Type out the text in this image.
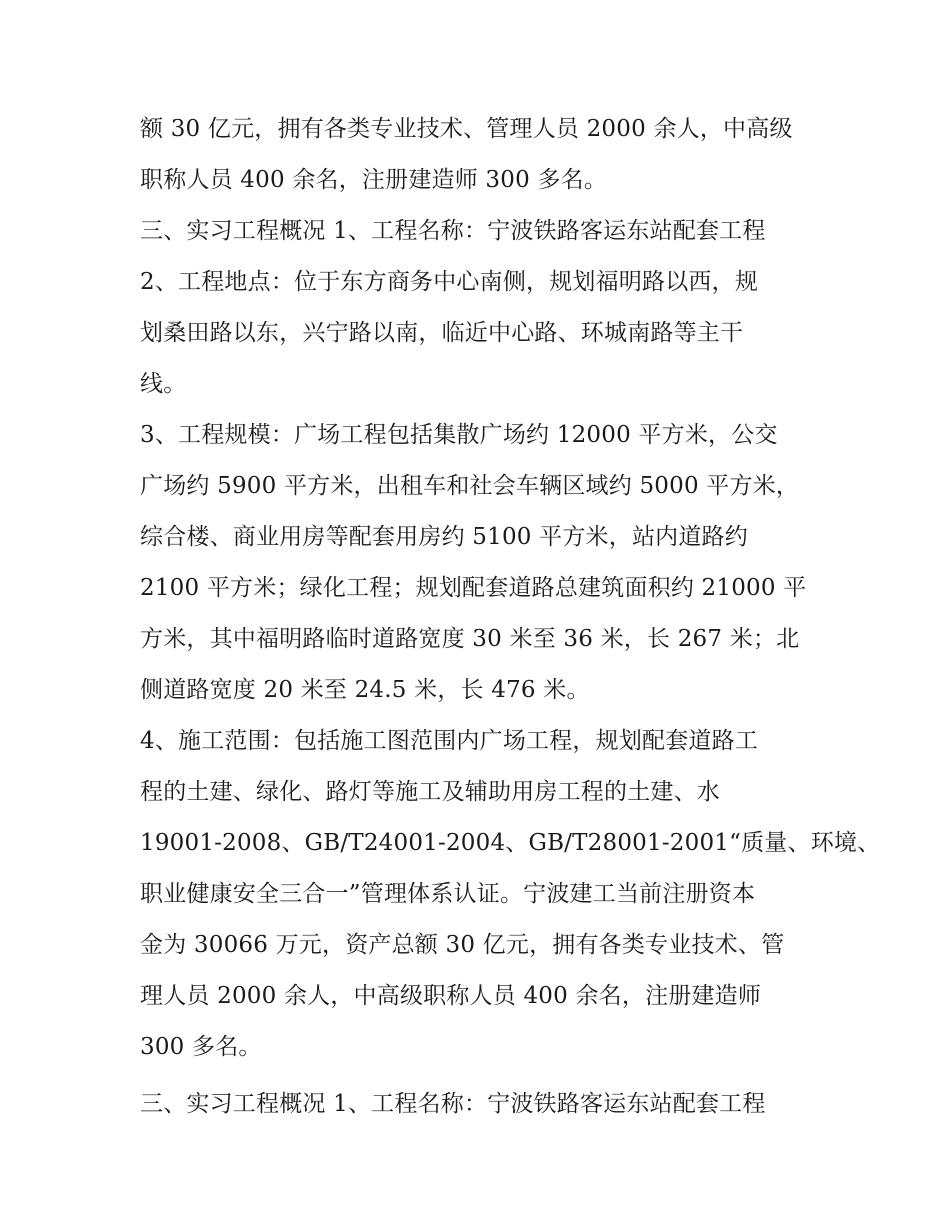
额 30 亿元，拥有各类专业技术、管理人员 2000 余人，中高级
职称人员 400 余名，注册建造师 300 多名。
三、实习工程概况 1、工程名称：宁波铁路客运东站配套工程
2、工程地点：位于东方商务中心南侧，规划福明路以西，规
划桑田路以东，兴宁路以南，临近中心路、环城南路等主干
线。
3、工程规模：广场工程包括集散广场约 12000 平方米，公交
广场约 5900 平方米，出租车和社会车辆区域约 5000 平方米，
综合楼、商业用房等配套用房约 5100 平方米，站内道路约
2100 平方米；绿化工程；规划配套道路总建筑面积约 21000 平
方米，其中福明路临时道路宽度 30 米至 36 米，长 267 米；北
侧道路宽度 20 米至 24.5 米，长 476 米。
4、施工范围：包括施工图范围内广场工程，规划配套道路工
程的土建、绿化、路灯等施工及辅助用房工程的土建、水
19001-2008、GB/T24001-2004、GB/T28001-2001“质量、环境、
职业健康安全三合一”管理体系认证。宁波建工当前注册资本
金为 30066 万元，资产总额 30 亿元，拥有各类专业技术、管
理人员 2000 余人，中高级职称人员 400 余名，注册建造师
300 多名。
三、实习工程概况 1、工程名称：宁波铁路客运东站配套工程
